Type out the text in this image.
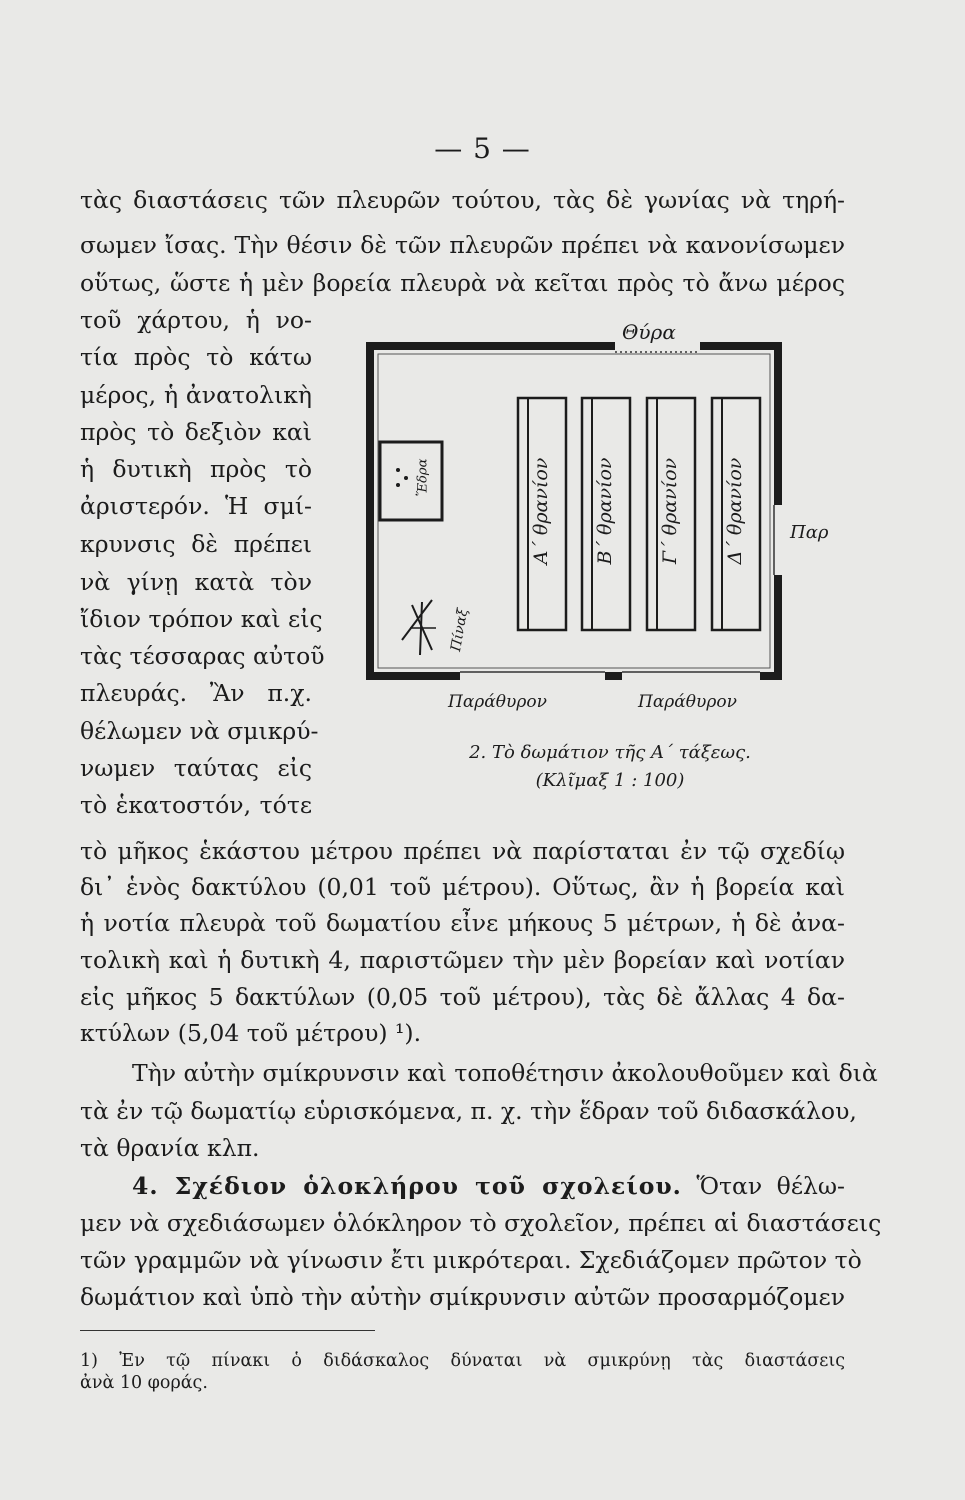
— 5 —
τὰς διαστάσεις τῶν πλευρῶν τούτου, τὰς δὲ γωνίας νὰ τηρή-
σωμεν ἴσας. Τὴν θέσιν δὲ τῶν πλευρῶν πρέπει νὰ κανονίσωμεν
οὕτως, ὥστε ἡ μὲν βορεία πλευρὰ νὰ κεῖται πρὸς τὸ ἄνω μέρος
τοῦ χάρτου, ἡ νο-
τία πρὸς τὸ κάτω
μέρος, ἡ ἀνατολικὴ
πρὸς τὸ δεξιὸν καὶ
ἡ δυτικὴ πρὸς τὸ
ἀριστερόν. Ἡ σμί-
κρυνσις δὲ πρέπει
νὰ γίνῃ κατὰ τὸν
ἴδιον τρόπον καὶ εἰς
τὰς τέσσαρας αὐτοῦ
πλευράς. Ἂν π.χ.
θέλωμεν νὰ σμικρύ-
νωμεν ταύτας εἰς
τὸ ἑκατοστόν, τότε
Θύρα
Ἕδρα
Πίναξ
Α´ θρανίον Β´ θρανίον Γ´ θρανίον Δ´ θρανίον Παρ
Παράθυρον	Παράθυρον
2. Τὸ δωμάτιον τῆς Α´ τάξεως.
(Κλῖμαξ 1 : 100)
τὸ μῆκος ἑκάστου μέτρου πρέπει νὰ παρίσταται ἐν τῷ σχεδίῳ
δι᾽ ἑνὸς δακτύλου (0,01 τοῦ μέτρου). Οὕτως, ἂν ἡ βορεία καὶ
ἡ νοτία πλευρὰ τοῦ δωματίου εἶνε μήκους 5 μέτρων, ἡ δὲ ἀνα-
τολικὴ καὶ ἡ δυτικὴ 4, παριστῶμεν τὴν μὲν βορείαν καὶ νοτίαν
εἰς μῆκος 5 δακτύλων (0,05 τοῦ μέτρου), τὰς δὲ ἄλλας 4 δα-
κτύλων (5,04 τοῦ μέτρου) ¹).
Τὴν αὐτὴν σμίκρυνσιν καὶ τοποθέτησιν ἀκολουθοῦμεν καὶ διὰ
τὰ ἐν τῷ δωματίῳ εὑρισκόμενα, π. χ. τὴν ἕδραν τοῦ διδασκάλου,
τὰ θρανία κλπ.
4. Σχέδιον ὁλοκλήρου τοῦ σχολείου. Ὅταν θέλω-
μεν νὰ σχεδιάσωμεν ὁλόκληρον τὸ σχολεῖον, πρέπει αἱ διαστάσεις
τῶν γραμμῶν νὰ γίνωσιν ἔτι μικρότεραι. Σχεδιάζομεν πρῶτον τὸ
δωμάτιον καὶ ὑπὸ τὴν αὐτὴν σμίκρυνσιν αὐτῶν προσαρμόζομεν
1) Ἐν τῷ πίνακι ὁ διδάσκαλος δύναται νὰ σμικρύνῃ τὰς διαστάσεις
ἀνὰ 10 φοράς.
